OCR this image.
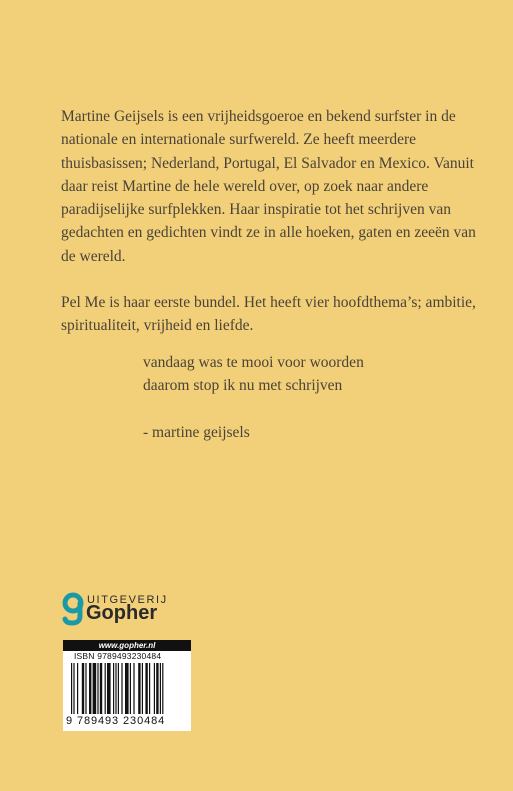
Martine Geijsels is een vrijheidsgoeroe en bekend surfster in de nationale en internationale surfwereld. Ze heeft meerdere thuisbasissen; Nederland, Portugal, El Salvador en Mexico. Vanuit daar reist Martine de hele wereld over, op zoek naar andere paradijselijke surfplekken. Haar inspiratie tot het schrijven van gedachten en gedichten vindt ze in alle hoeken, gaten en zeeën van de wereld.

Pel Me is haar eerste bundel. Het heeft vier hoofdthema’s; ambitie, spiritualiteit, vrijheid en liefde.

vandaag was te mooi voor woorden
daarom stop ik nu met schrijven
- martine geijsels
UITGEVERIJ
Gopher
www.gopher.nl
ISBN 9789493230484
9 789493 230484
